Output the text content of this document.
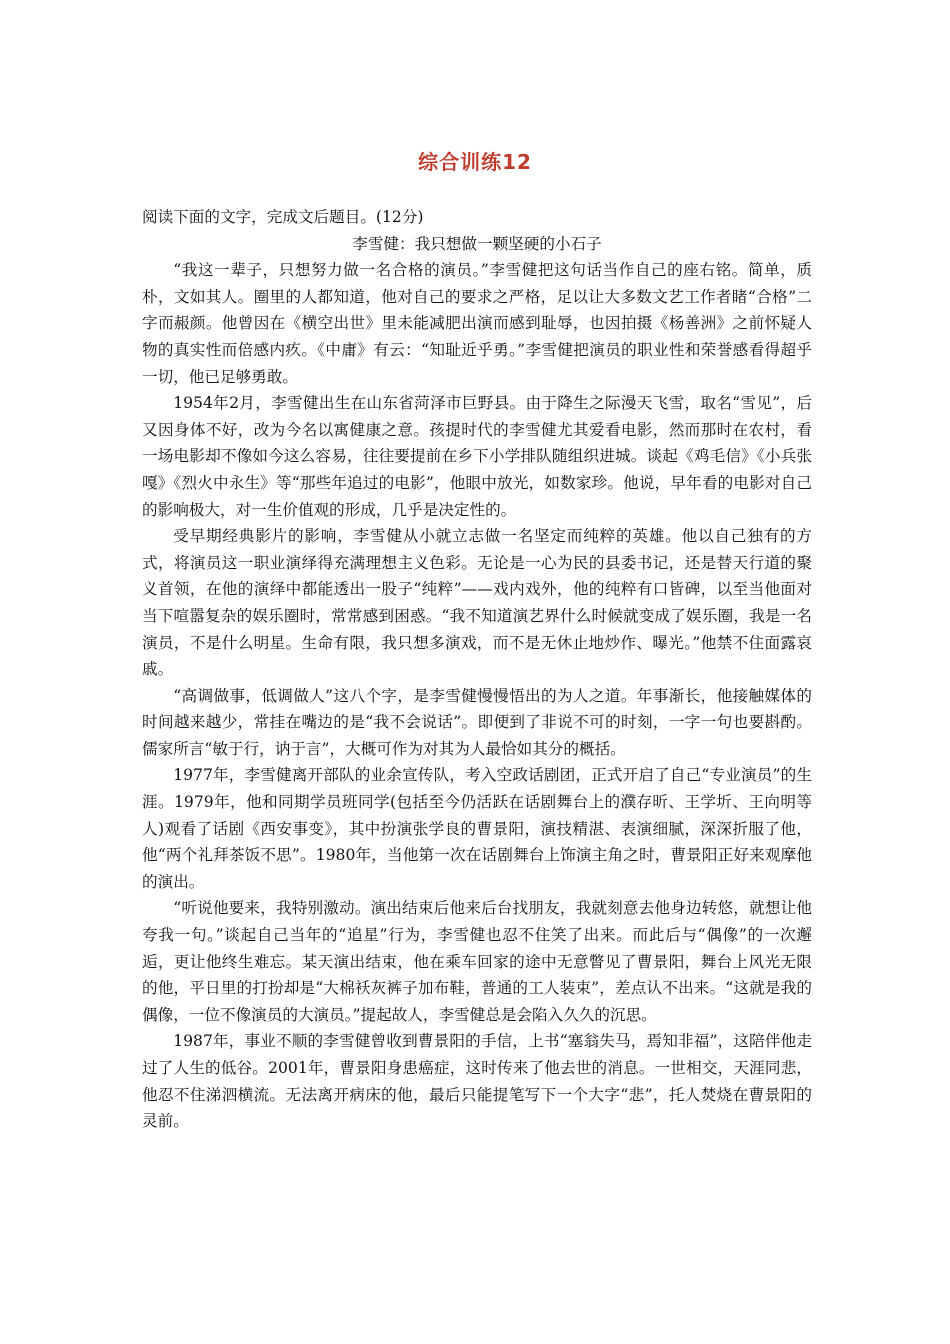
综合训练12

阅读下面的文字，完成文后题目。(12分)

李雪健：我只想做一颗坚硬的小石子

“我这一辈子，只想努力做一名合格的演员。”李雪健把这句话当作自己的座右铭。简单，质朴，文如其人。圈里的人都知道，他对自己的要求之严格，足以让大多数文艺工作者睹“合格”二字而赧颜。他曾因在《横空出世》里未能减肥出演而感到耻辱，也因拍摄《杨善洲》之前怀疑人物的真实性而倍感内疚。《中庸》有云：“知耻近乎勇。”李雪健把演员的职业性和荣誉感看得超乎一切，他已足够勇敢。

1954年2月，李雪健出生在山东省菏泽市巨野县。由于降生之际漫天飞雪，取名“雪见”，后又因身体不好，改为今名以寓健康之意。孩提时代的李雪健尤其爱看电影，然而那时在农村，看一场电影却不像如今这么容易，往往要提前在乡下小学排队随组织进城。谈起《鸡毛信》《小兵张嘎》《烈火中永生》等“那些年追过的电影”，他眼中放光，如数家珍。他说，早年看的电影对自己的影响极大，对一生价值观的形成，几乎是决定性的。

受早期经典影片的影响，李雪健从小就立志做一名坚定而纯粹的英雄。他以自己独有的方式，将演员这一职业演绎得充满理想主义色彩。无论是一心为民的县委书记，还是替天行道的聚义首领，在他的演绎中都能透出一股子“纯粹”——戏内戏外，他的纯粹有口皆碑，以至当他面对当下喧嚣复杂的娱乐圈时，常常感到困惑。“我不知道演艺界什么时候就变成了娱乐圈，我是一名演员，不是什么明星。生命有限，我只想多演戏，而不是无休止地炒作、曝光。”他禁不住面露哀戚。

“高调做事，低调做人”这八个字，是李雪健慢慢悟出的为人之道。年事渐长，他接触媒体的时间越来越少，常挂在嘴边的是“我不会说话”。即便到了非说不可的时刻，一字一句也要斟酌。儒家所言“敏于行，讷于言”，大概可作为对其为人最恰如其分的概括。

1977年，李雪健离开部队的业余宣传队，考入空政话剧团，正式开启了自己“专业演员”的生涯。1979年，他和同期学员班同学(包括至今仍活跃在话剧舞台上的濮存昕、王学圻、王向明等人)观看了话剧《西安事变》，其中扮演张学良的曹景阳，演技精湛、表演细腻，深深折服了他，他“两个礼拜茶饭不思”。1980年，当他第一次在话剧舞台上饰演主角之时，曹景阳正好来观摩他的演出。

“听说他要来，我特别激动。演出结束后他来后台找朋友，我就刻意去他身边转悠，就想让他夸我一句。”谈起自己当年的“追星”行为，李雪健也忍不住笑了出来。而此后与“偶像”的一次邂逅，更让他终生难忘。某天演出结束，他在乘车回家的途中无意瞥见了曹景阳，舞台上风光无限的他，平日里的打扮却是“大棉袄灰裤子加布鞋，普通的工人装束”，差点认不出来。“这就是我的偶像，一位不像演员的大演员。”提起故人，李雪健总是会陷入久久的沉思。

1987年，事业不顺的李雪健曾收到曹景阳的手信，上书“塞翁失马，焉知非福”，这陪伴他走过了人生的低谷。2001年，曹景阳身患癌症，这时传来了他去世的消息。一世相交，天涯同悲，他忍不住涕泗横流。无法离开病床的他，最后只能提笔写下一个大字“悲”，托人焚烧在曹景阳的灵前。
